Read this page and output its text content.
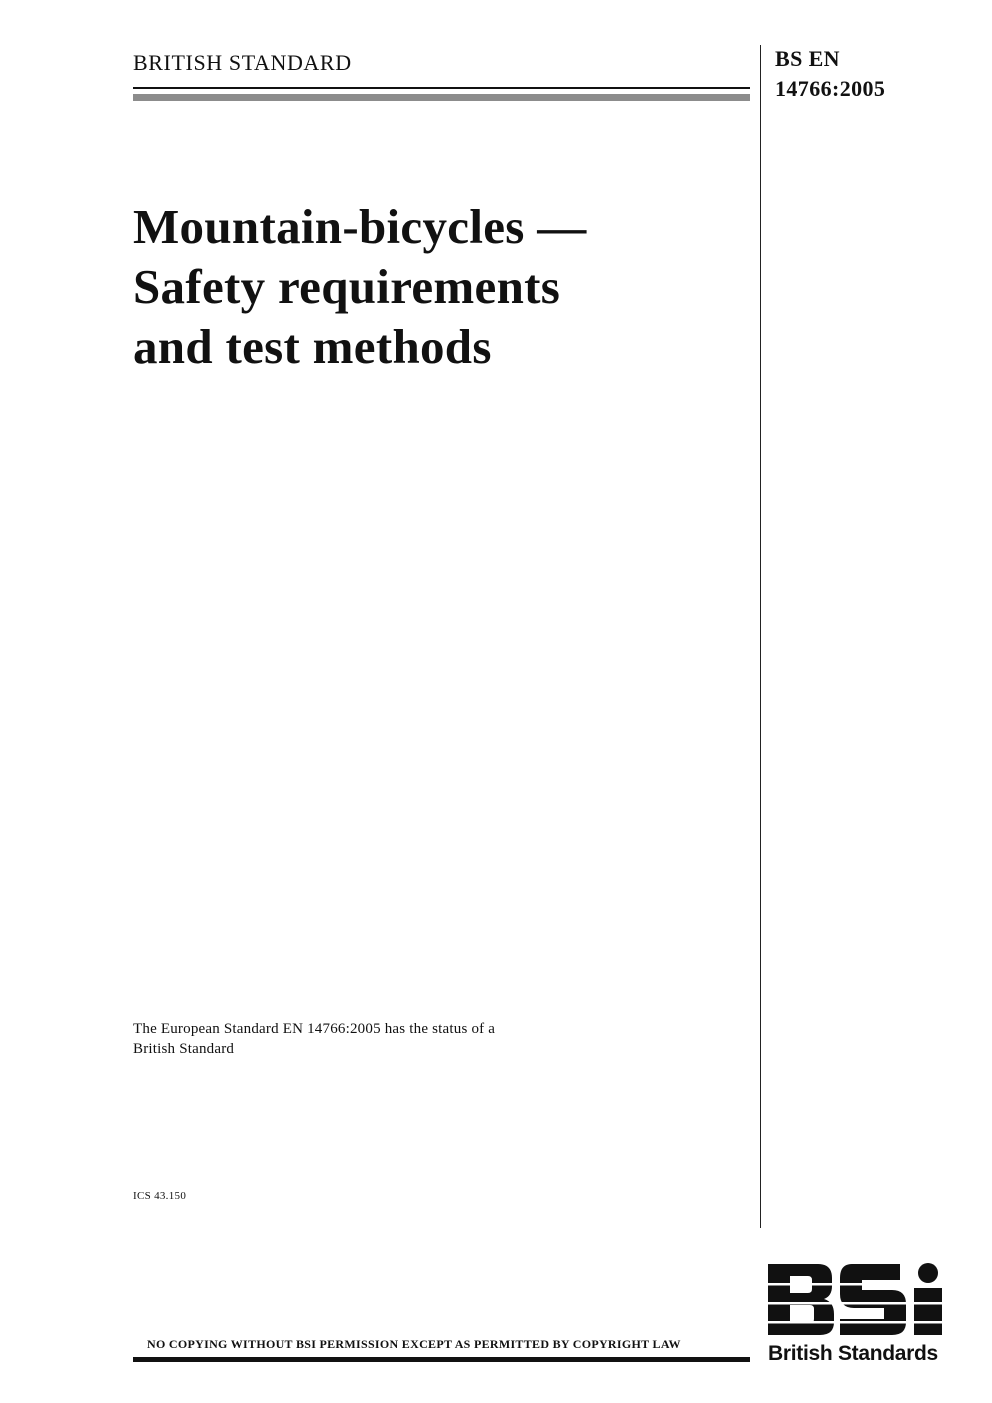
BRITISH STANDARD	BS EN
14766:2005
Mountain-bicycles —
Safety requirements
and test methods
The European Standard EN 14766:2005 has the status of a
British Standard
ICS 43.150
NO COPYING WITHOUT BSI PERMISSION EXCEPT AS PERMITTED BY COPYRIGHT LAW	British Standards
